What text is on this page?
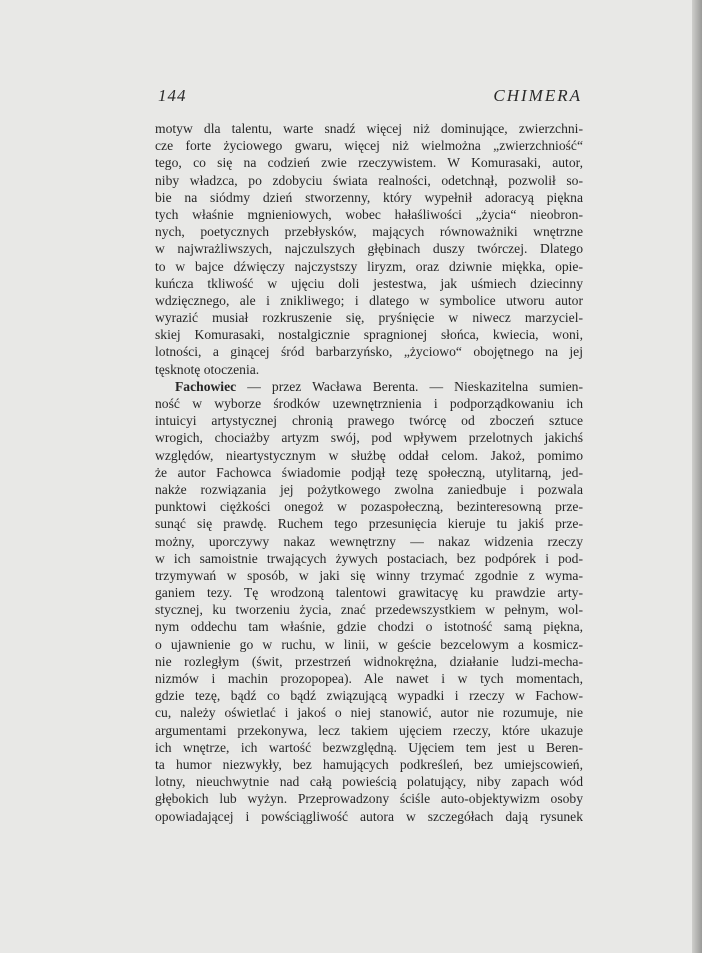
144	CHIMERA
motyw dla talentu, warte snadź więcej niż dominujące, zwierzchni-
cze forte życiowego gwaru, więcej niż wielmożna „zwierzchniość“
tego, co się na codzień zwie rzeczywistem. W Komurasaki, autor,
niby władzca, po zdobyciu świata realności, odetchnął, pozwolił so-
bie na siódmy dzień stworzenny, który wypełnił adoracyą piękna
tych właśnie mgnieniowych, wobec hałaśliwości „życia“ nieobron-
nych, poetycznych przebłysków, mających równoważniki wnętrzne
w najwrażliwszych, najczulszych głębinach duszy twórczej. Dlatego
to w bajce dźwięczy najczystszy liryzm, oraz dziwnie miękka, opie-
kuńcza tkliwość w ujęciu doli jestestwa, jak uśmiech dziecinny
wdzięcznego, ale i znikliwego; i dlatego w symbolice utworu autor
wyrazić musiał rozkruszenie się, pryśnięcie w niwecz marzyciel-
skiej Komurasaki, nostalgicznie spragnionej słońca, kwiecia, woni,
lotności, a ginącej śród barbarzyńsko, „życiowo“ obojętnego na jej
tęsknotę otoczenia.
Fachowiec — przez Wacława Berenta. — Nieskazitelna sumien-
ność w wyborze środków uzewnętrznienia i podporządkowaniu ich
intuicyi artystycznej chronią prawego twórcę od zboczeń sztuce
wrogich, chociażby artyzm swój, pod wpływem przelotnych jakichś
względów, nieartystycznym w służbę oddał celom. Jakoż, pomimo
że autor Fachowca świadomie podjął tezę społeczną, utylitarną, jed-
nakże rozwiązania jej pożytkowego zwolna zaniedbuje i pozwala
punktowi ciężkości onegoż w pozaspołeczną, bezinteresowną prze-
sunąć się prawdę. Ruchem tego przesunięcia kieruje tu jakiś prze-
możny, uporczywy nakaz wewnętrzny — nakaz widzenia rzeczy
w ich samoistnie trwających żywych postaciach, bez podpórek i pod-
trzymywań w sposób, w jaki się winny trzymać zgodnie z wyma-
ganiem tezy. Tę wrodzoną talentowi grawitacyę ku prawdzie arty-
stycznej, ku tworzeniu życia, znać przedewszystkiem w pełnym, wol-
nym oddechu tam właśnie, gdzie chodzi o istotność samą piękna,
o ujawnienie go w ruchu, w linii, w geście bezcelowym a kosmicz-
nie rozległym (świt, przestrzeń widnokrężna, działanie ludzi-mecha-
nizmów i machin prozopopea). Ale nawet i w tych momentach,
gdzie tezę, bądź co bądź związującą wypadki i rzeczy w Fachow-
cu, należy oświetlać i jakoś o niej stanowić, autor nie rozumuje, nie
argumentami przekonywa, lecz takiem ujęciem rzeczy, które ukazuje
ich wnętrze, ich wartość bezwzględną. Ujęciem tem jest u Beren-
ta humor niezwykły, bez hamujących podkreśleń, bez umiejscowień,
lotny, nieuchwytnie nad całą powieścią polatujący, niby zapach wód
głębokich lub wyżyn. Przeprowadzony ściśle auto-objektywizm osoby
opowiadającej i powściągliwość autora w szczegółach dają rysunek
